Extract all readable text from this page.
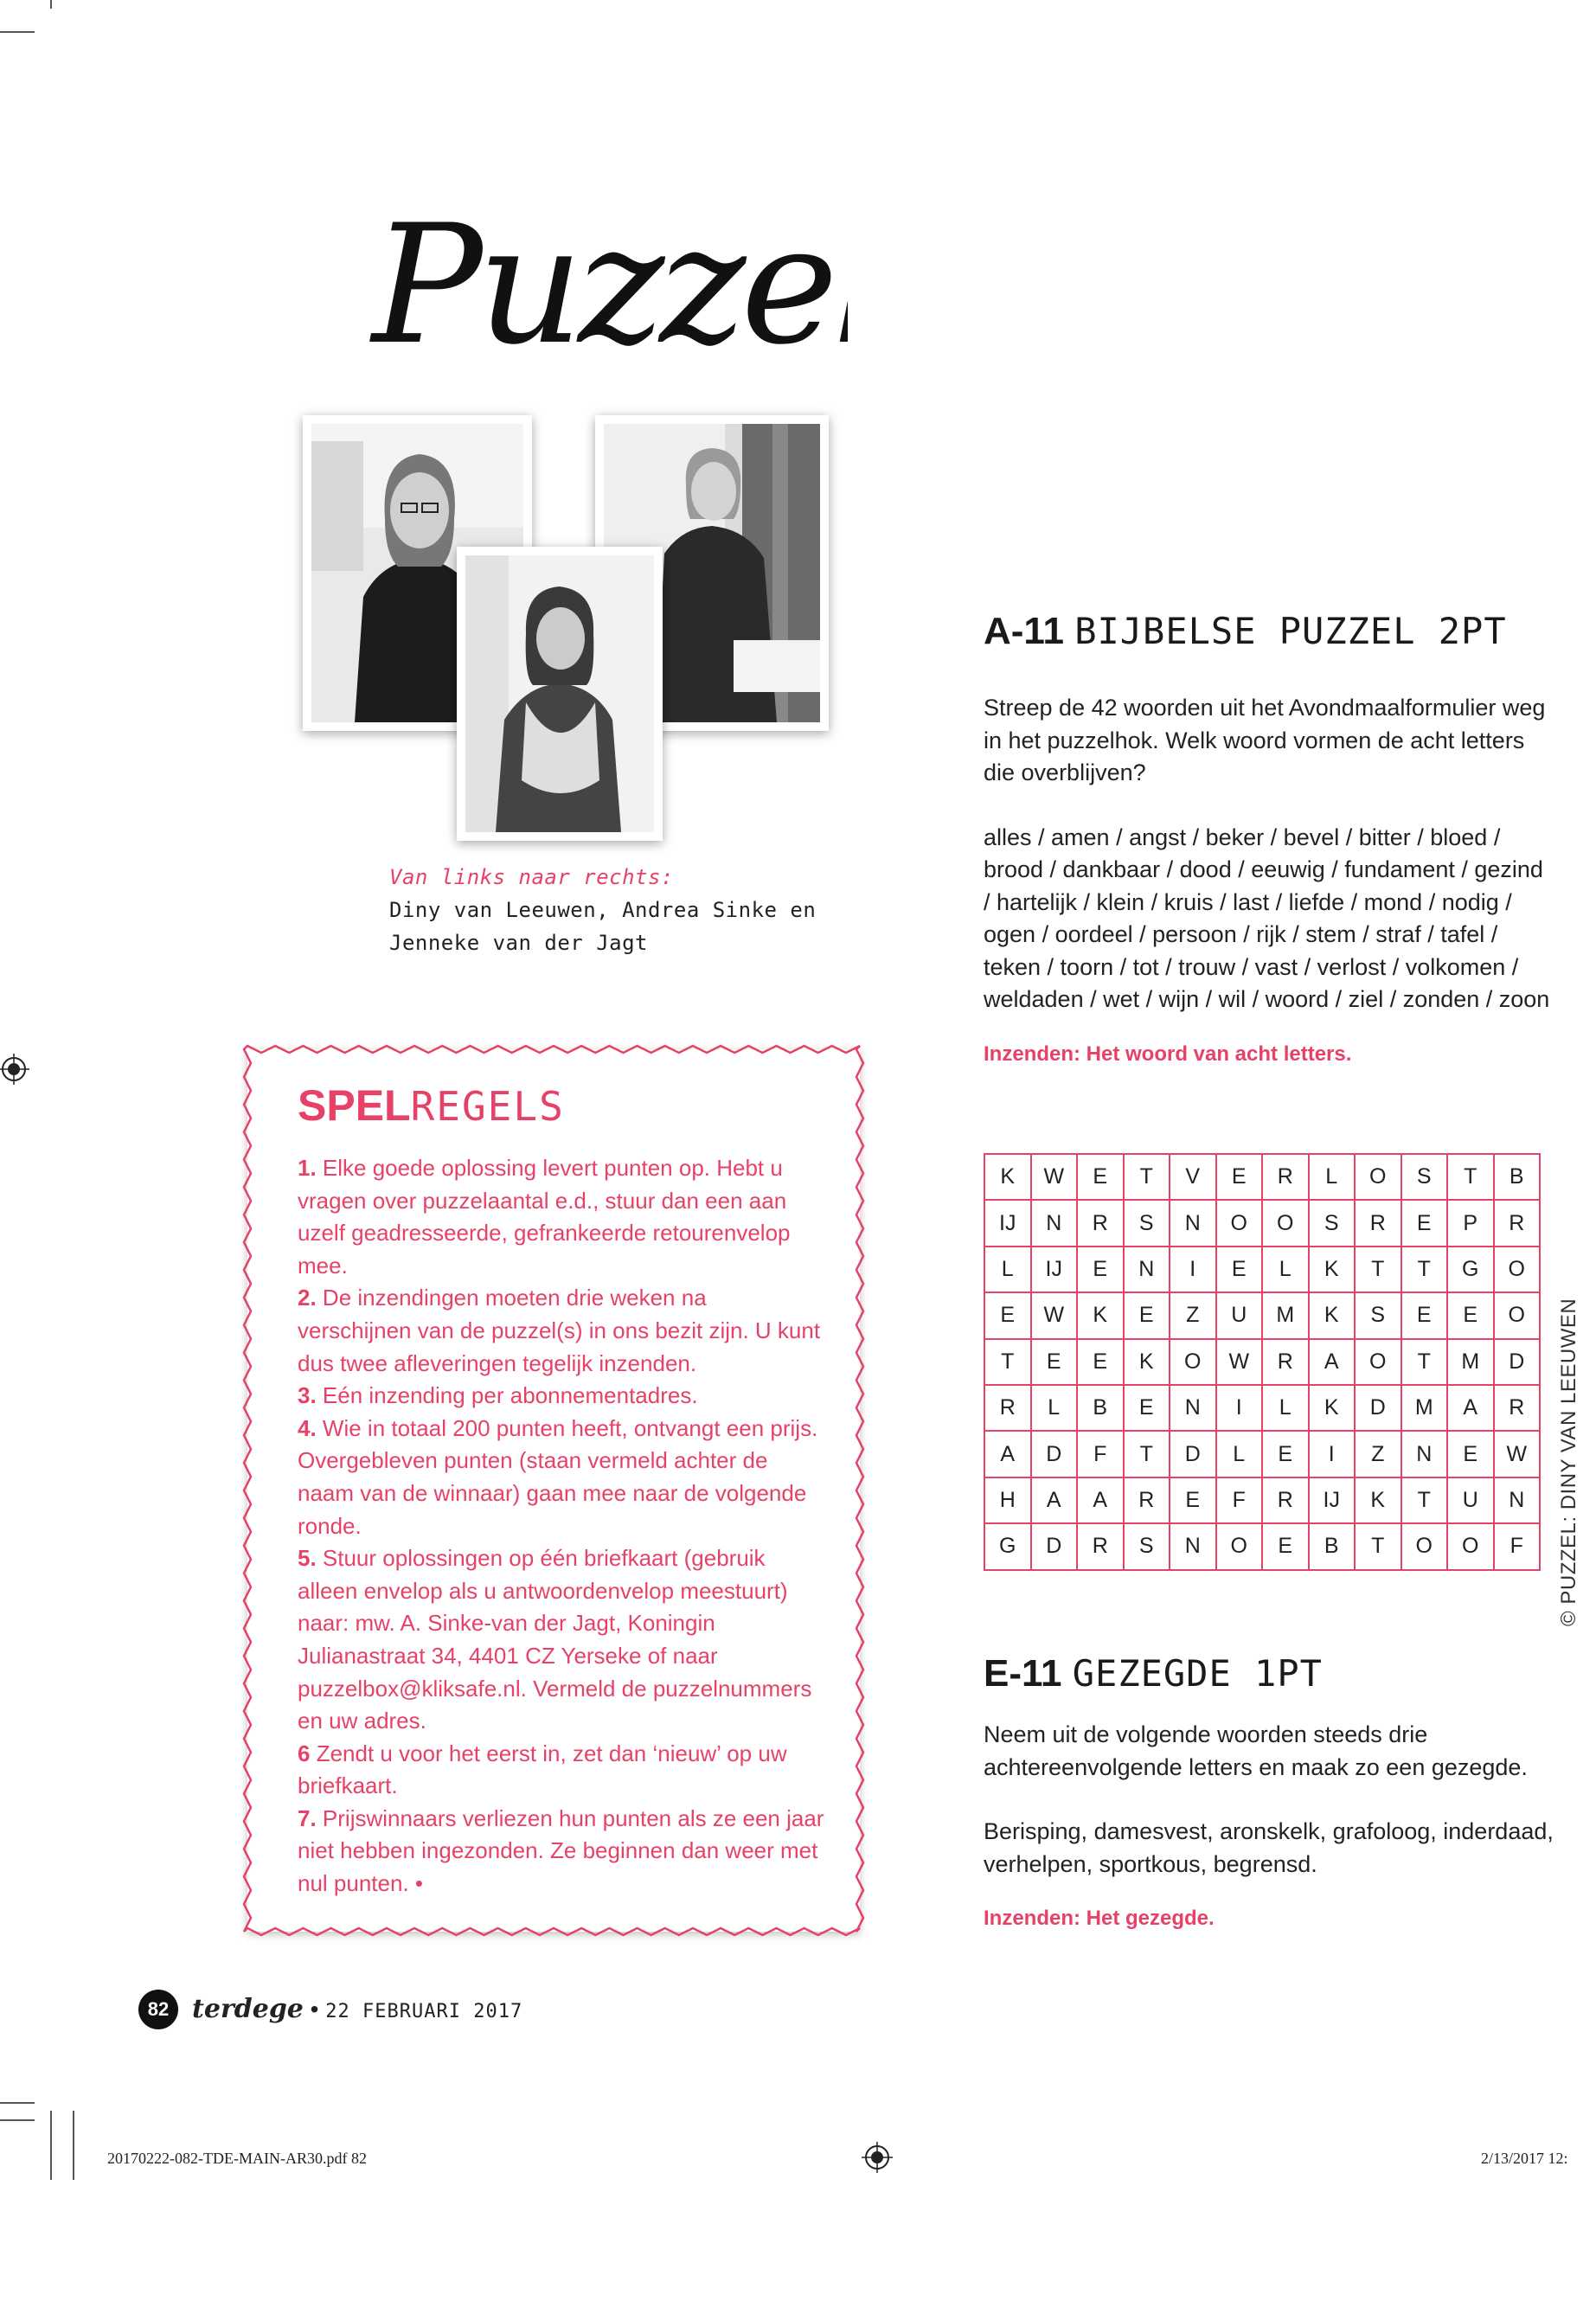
Puzzel
Van links naar rechts:
Diny van Leeuwen, Andrea Sinke en
Jenneke van der Jagt
SPELREGELS

1. Elke goede oplossing levert punten op. Hebt u vragen over puzzelaantal e.d., stuur dan een aan uzelf geadresseerde, gefrankeerde retourenvelop mee.

2. De inzendingen moeten drie weken na verschijnen van de puzzel(s) in ons bezit zijn. U kunt dus twee afleveringen tegelijk inzenden.

3. Eén inzending per abonnementadres.

4. Wie in totaal 200 punten heeft, ontvangt een prijs. Overgebleven punten (staan vermeld achter de naam van de winnaar) gaan mee naar de volgende ronde.

5. Stuur oplossingen op één briefkaart (gebruik alleen envelop als u antwoordenvelop meestuurt) naar: mw. A. Sinke-van der Jagt, Koningin Julianastraat 34, 4401 CZ Yerseke of naar puzzelbox@kliksafe.nl. Vermeld de puzzelnummers en uw adres.

6 Zendt u voor het eerst in, zet dan ‘nieuw’ op uw briefkaart.

7. Prijswinnaars verliezen hun punten als ze een jaar niet hebben ingezonden. Ze beginnen dan weer met nul punten. •

A-11 BIJBELSE PUZZEL 2PT
Streep de 42 woorden uit het Avondmaalformulier weg in het puzzelhok. Welk woord vormen de acht letters die overblijven?
alles / amen / angst / beker / bevel / bitter / bloed / brood / dankbaar / dood / eeuwig / fundament / gezind / hartelijk / klein / kruis / last / liefde / mond / nodig / ogen / oordeel / persoon / rijk / stem / straf / tafel / teken / toorn / tot / trouw / vast / verlost / volkomen / weldaden / wet / wijn / wil / woord / ziel / zonden / zoon
Inzenden: Het woord van acht letters.
K	W	E	T	V	E	R	L	O	S	T	B
IJ	N	R	S	N	O	O	S	R	E	P	R
L	IJ	E	N	I	E	L	K	T	T	G	O
E	W	K	E	Z	U	M	K	S	E	E	O
T	E	E	K	O	W	R	A	O	T	M	D
R	L	B	E	N	I	L	K	D	M	A	R
A	D	F	T	D	L	E	I	Z	N	E	W
H	A	A	R	E	F	R	IJ	K	T	U	N
G	D	R	S	N	O	E	B	T	O	O	F © PUZZEL: DINY VAN LEEUWEN
E-11 GEZEGDE 1PT
Neem uit de volgende woorden steeds drie achtereenvolgende letters en maak zo een gezegde.
Berisping, damesvest, aronskelk, grafoloog, inderdaad, verhelpen, sportkous, begrensd.
Inzenden: Het gezegde.
82 terdege • 22 FEBRUARI 2017
20170222-082-TDE-MAIN-AR30.pdf 82	2/13/2017 12:
